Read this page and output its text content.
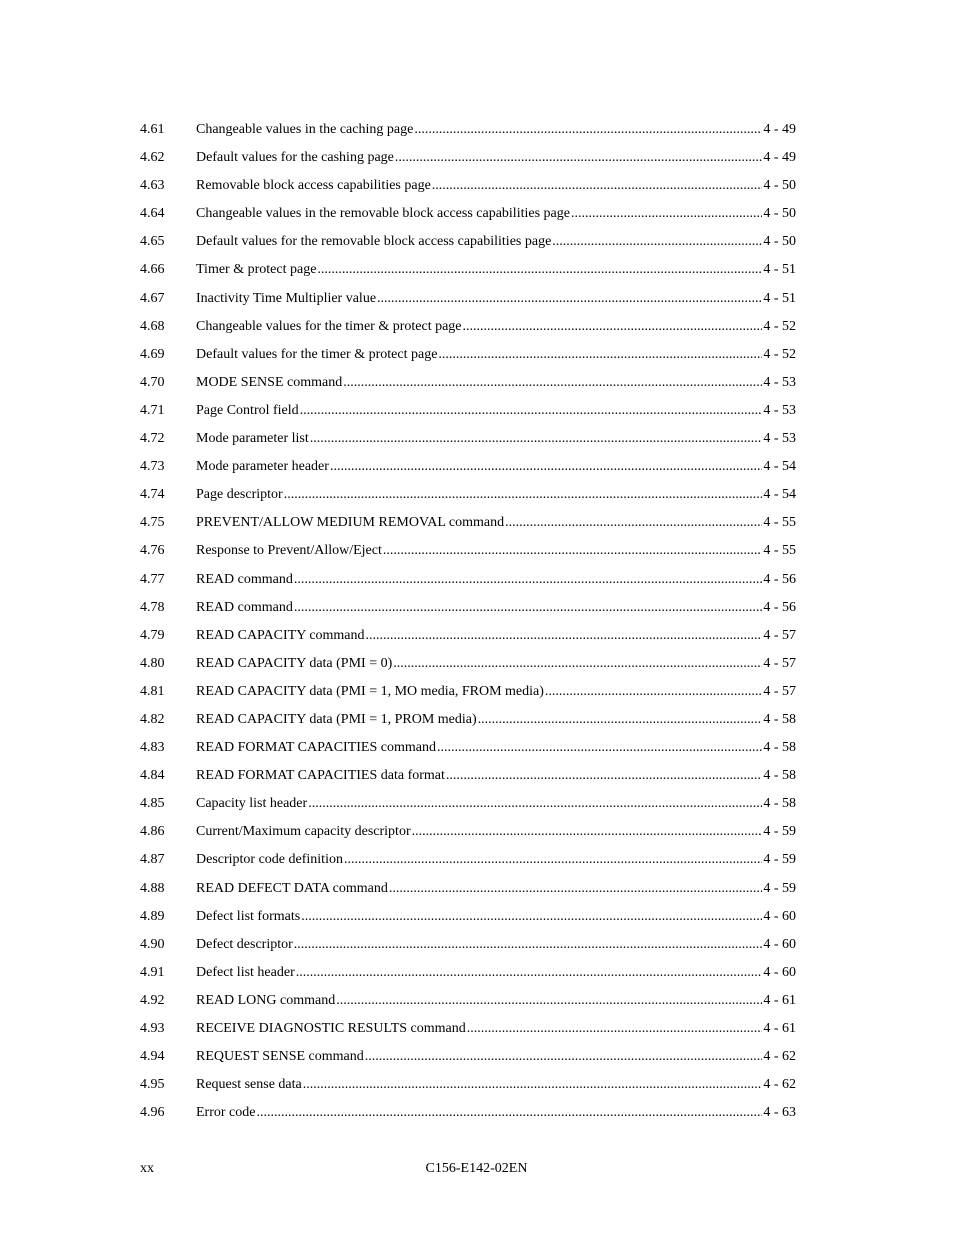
4.61	Changeable values in the caching page .....	4 - 49
4.62	Default values for the cashing page .....	4 - 49
4.63	Removable block access capabilities page .....	4 - 50
4.64	Changeable values in the removable block access capabilities page .....	4 - 50
4.65	Default values for the removable block access capabilities page .....	4 - 50
4.66	Timer & protect page .....	4 - 51
4.67	Inactivity Time Multiplier value .....	4 - 51
4.68	Changeable values for the timer & protect page .....	4 - 52
4.69	Default values for the timer & protect page .....	4 - 52
4.70	MODE SENSE command .....	4 - 53
4.71	Page Control field .....	4 - 53
4.72	Mode parameter list .....	4 - 53
4.73	Mode parameter header .....	4 - 54
4.74	Page descriptor .....	4 - 54
4.75	PREVENT/ALLOW MEDIUM REMOVAL command .....	4 - 55
4.76	Response to Prevent/Allow/Eject .....	4 - 55
4.77	READ command .....	4 - 56
4.78	READ command .....	4 - 56
4.79	READ CAPACITY command .....	4 - 57
4.80	READ CAPACITY data (PMI = 0) .....	4 - 57
4.81	READ CAPACITY data (PMI = 1, MO media, FROM media) .....	4 - 57
4.82	READ CAPACITY data (PMI = 1, PROM media) .....	4 - 58
4.83	READ FORMAT CAPACITIES command .....	4 - 58
4.84	READ FORMAT CAPACITIES data format .....	4 - 58
4.85	Capacity list header .....	4 - 58
4.86	Current/Maximum capacity descriptor .....	4 - 59
4.87	Descriptor code definition .....	4 - 59
4.88	READ DEFECT DATA command .....	4 - 59
4.89	Defect list formats .....	4 - 60
4.90	Defect descriptor .....	4 - 60
4.91	Defect list header .....	4 - 60
4.92	READ LONG command .....	4 - 61
4.93	RECEIVE DIAGNOSTIC RESULTS command .....	4 - 61
4.94	REQUEST SENSE command .....	4 - 62
4.95	Request sense data .....	4 - 62
4.96	Error code .....	4 - 63
xx	C156-E142-02EN
